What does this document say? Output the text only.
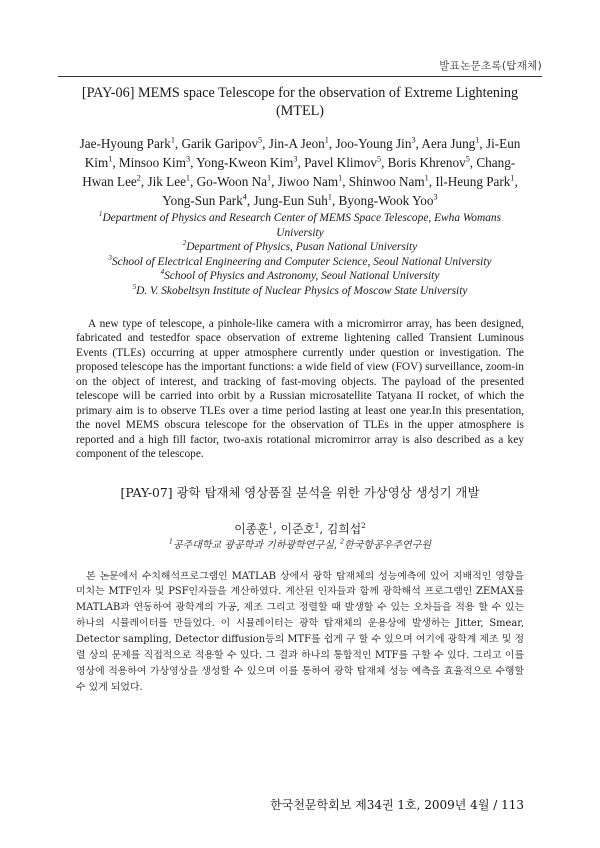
발표논문초록(탑재체)
[PAY-06] MEMS space Telescope for the observation of Extreme Lightening (MTEL)
Jae-Hyoung Park$^1$, Garik Garipov$^5$, Jin-A Jeon$^1$, Joo-Young Jin$^3$, Aera Jung$^1$, Ji-Eun Kim$^1$, Minsoo Kim$^3$, Yong-Kweon Kim$^3$, Pavel Klimov$^5$, Boris Khrenov$^5$, Chang-Hwan Lee$^2$, Jik Lee$^1$, Go-Woon Na$^1$, Jiwoo Nam$^1$, Shinwoo Nam$^1$, Il-Heung Park$^1$, Yong-Sun Park$^4$, Jung-Eun Suh$^1$, Byong-Wook Yoo$^3$
$^1$Department of Physics and Research Center of MEMS Space Telescope, Ewha Womans University
$^2$Department of Physics, Pusan National University
$^3$School of Electrical Engineering and Computer Science, Seoul National University
$^4$School of Physics and Astronomy, Seoul National University
$^5$D. V. Skobeltsyn Institute of Nuclear Physics of Moscow State University

A new type of telescope, a pinhole-like camera with a micromirror array, has been designed, fabricated and testedfor space observation of extreme lightening called Transient Luminous Events (TLEs) occurring at upper atmosphere currently under question or investigation. The proposed telescope has the important functions: a wide field of view (FOV) surveillance, zoom-in on the object of interest, and tracking of fast-moving objects. The payload of the presented telescope will be carried into orbit by a Russian microsatellite Tatyana II rocket, of which the primary aim is to observe TLEs over a time period lasting at least one year.In this presentation, the novel MEMS obscura telescope for the observation of TLEs in the upper atmosphere is reported and a high fill factor, two-axis rotational micromirror array is also described as a key component of the telescope.

[PAY-07] 광학 탑재체 영상품질 분석을 위한 가상영상 생성기 개발
이종훈$^1$, 이준호$^1$, 김희섭$^2$
$^1$공주대학교 광공학과 기하광학연구실, $^2$한국항공우주연구원

본 논문에서 수치해석프로그램인 MATLAB 상에서 광학 탑재체의 성능예측에 있어 지배적인 영향을 미치는 MTF인자 및 PSF인자들을 계산하였다. 계산된 인자들과 함께 광학해석 프로그램인 ZEMAX를 MATLAB과 연동하여 광학계의 가공, 제조 그리고 정렬할 때 발생할 수 있는 오차들을 적용 할 수 있는 하나의 시뮬레이터를 만들었다. 이 시뮬레이터는 광학 탑재체의 운용상에 발생하는 Jitter, Smear, Detector sampling, Detector diffusion등의 MTF를 쉽게 구 할 수 있으며 여기에 광학계 제조 및 정렬 상의 문제를 직접적으로 적용할 수 있다. 그 결과 하나의 통합적인 MTF를 구할 수 있다. 그리고 이를 영상에 적용하여 가상영상을 생성할 수 있으며 이를 통하여 광학 탑재체 성능 예측을 효율적으로 수행할 수 있게 되었다.

한국천문학회보 제34권 1호, 2009년 4월 / 113
